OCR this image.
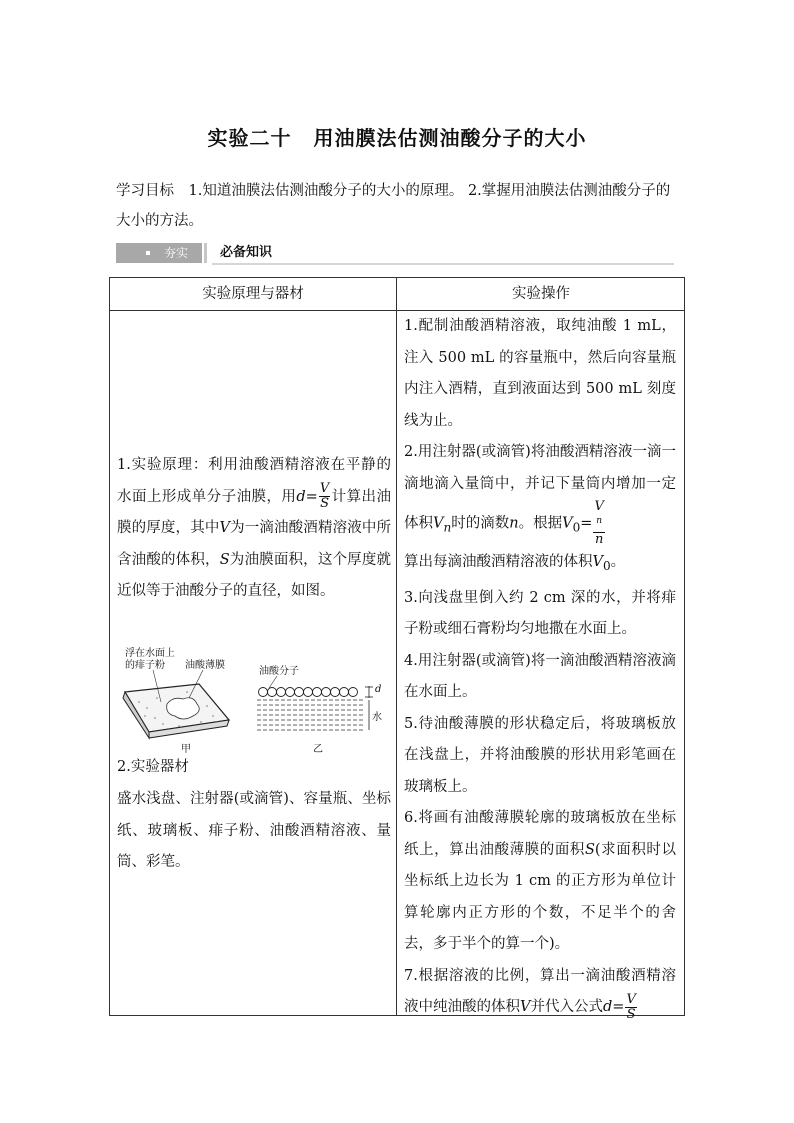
实验二十 用油膜法估测油酸分子的大小
学习目标　1.知道油膜法估测油酸分子的大小的原理。 2.掌握用油膜法估测油酸分子的大小的方法。
夯实 必备知识
实验原理与器材	实验操作
1.实验原理：利用油酸酒精溶液在平静的水面上形成单分子油膜，用$d= \frac{V}{S}$ 计算出油膜的厚度，其中V为一滴油酸酒精溶液中所含油酸的体积，S为油膜面积，这个厚度就近似等于油酸分子的直径，如图。
浮在水面上
的痱子粉 油酸薄膜
甲
油酸分子
d
水
乙
2.实验器材
盛水浅盘、注射器(或滴管)、容量瓶、坐标纸、玻璃板、痱子粉、油酸酒精溶液、量筒、彩笔。

1.配制油酸酒精溶液，取纯油酸 1 mL，注入 500 mL 的容量瓶中，然后向容量瓶内注入酒精，直到液面达到 500 mL 刻度线为止。

2.用注射器(或滴管)将油酸酒精溶液一滴一滴地滴入量筒中，并记下量筒内增加一定体积$V_n$时的滴数n。根据$V_0= V$
$^n$
n

算出每滴油酸酒精溶液的体积$V_0$。

3.向浅盘里倒入约 2 cm 深的水，并将痱子粉或细石膏粉均匀地撒在水面上。

4.用注射器(或滴管)将一滴油酸酒精溶液滴在水面上。

5.待油酸薄膜的形状稳定后，将玻璃板放在浅盘上，并将油酸膜的形状用彩笔画在玻璃板上。

6.将画有油酸薄膜轮廓的玻璃板放在坐标纸上，算出油酸薄膜的面积S(求面积时以坐标纸上边长为 1 cm 的正方形为单位计算轮廓内正方形的个数，不足半个的舍去，多于半个的算一个)。

7.根据溶液的比例，算出一滴油酸酒精溶液中纯油酸的体积V并代入公式$d= \frac{V}{S}$
